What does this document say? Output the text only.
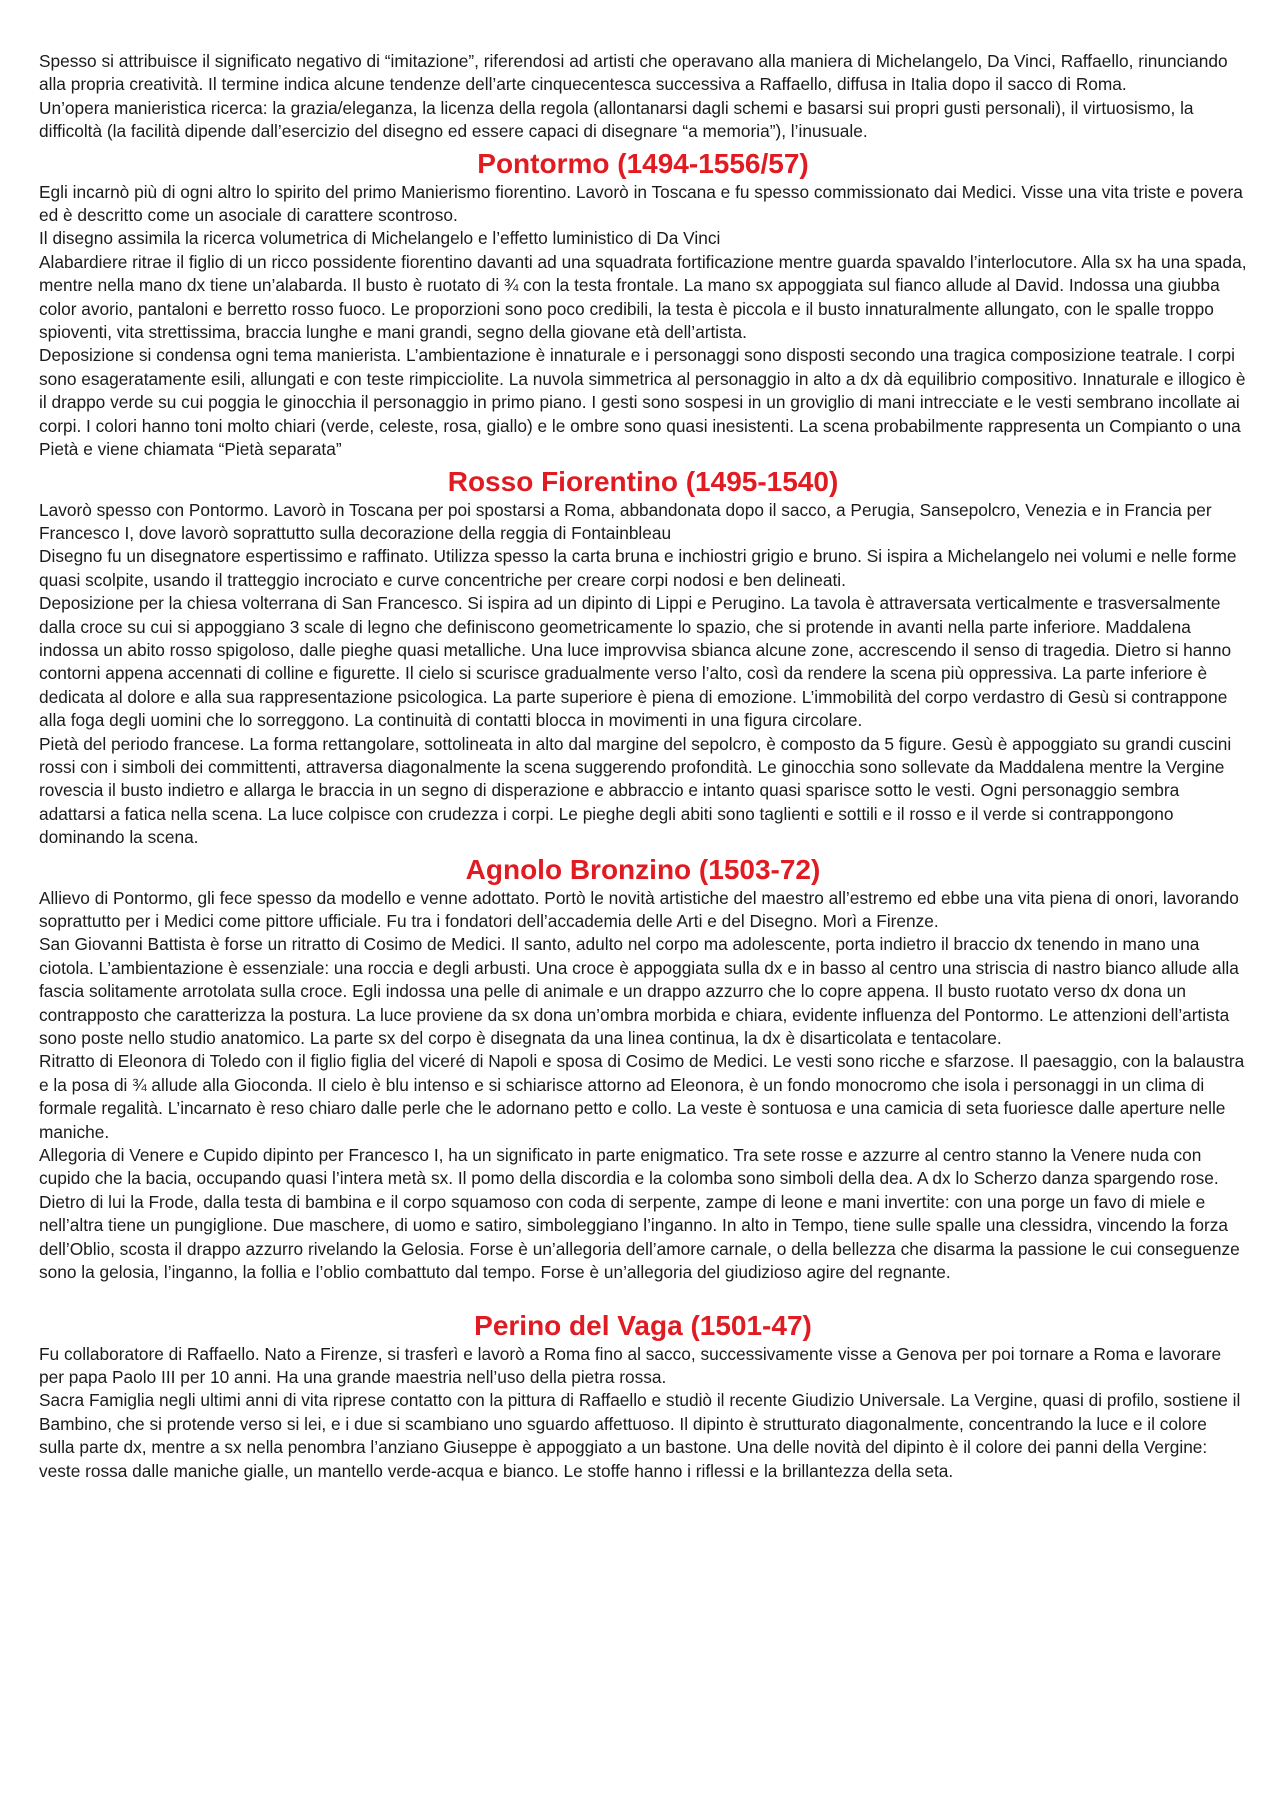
Spesso si attribuisce il significato negativo di “imitazione”, riferendosi ad artisti che operavano alla maniera di Michelangelo, Da Vinci, Raffaello, rinunciando alla propria creatività. Il termine indica alcune tendenze dell’arte cinquecentesca successiva a Raffaello, diffusa in Italia dopo il sacco di Roma.

Un’opera manieristica ricerca: la grazia/eleganza, la licenza della regola (allontanarsi dagli schemi e basarsi sui propri gusti personali), il virtuosismo, la difficoltà (la facilità dipende dall’esercizio del disegno ed essere capaci di disegnare “a memoria”), l’inusuale.

Pontormo (1494-1556/57)

Egli incarnò più di ogni altro lo spirito del primo Manierismo fiorentino. Lavorò in Toscana e fu spesso commissionato dai Medici. Visse una vita triste e povera ed è descritto come un asociale di carattere scontroso.

Il disegno assimila la ricerca volumetrica di Michelangelo e l’effetto luministico di Da Vinci

Alabardiere ritrae il figlio di un ricco possidente fiorentino davanti ad una squadrata fortificazione mentre guarda spavaldo l’interlocutore. Alla sx ha una spada, mentre nella mano dx tiene un’alabarda. Il busto è ruotato di ¾ con la testa frontale. La mano sx appoggiata sul fianco allude al David. Indossa una giubba color avorio, pantaloni e berretto rosso fuoco. Le proporzioni sono poco credibili, la testa è piccola e il busto innaturalmente allungato, con le spalle troppo spioventi, vita strettissima, braccia lunghe e mani grandi, segno della giovane età dell’artista.

Deposizione si condensa ogni tema manierista. L’ambientazione è innaturale e i personaggi sono disposti secondo una tragica composizione teatrale. I corpi sono esageratamente esili, allungati e con teste rimpicciolite. La nuvola simmetrica al personaggio in alto a dx dà equilibrio compositivo. Innaturale e illogico è il drappo verde su cui poggia le ginocchia il personaggio in primo piano. I gesti sono sospesi in un groviglio di mani intrecciate e le vesti sembrano incollate ai corpi. I colori hanno toni molto chiari (verde, celeste, rosa, giallo) e le ombre sono quasi inesistenti. La scena probabilmente rappresenta un Compianto o una Pietà e viene chiamata “Pietà separata”

Rosso Fiorentino (1495-1540)

Lavorò spesso con Pontormo. Lavorò in Toscana per poi spostarsi a Roma, abbandonata dopo il sacco, a Perugia, Sansepolcro, Venezia e in Francia per Francesco I, dove lavorò soprattutto sulla decorazione della reggia di Fontainbleau

Disegno fu un disegnatore espertissimo e raffinato. Utilizza spesso la carta bruna e inchiostri grigio e bruno. Si ispira a Michelangelo nei volumi e nelle forme quasi scolpite, usando il tratteggio incrociato e curve concentriche per creare corpi nodosi e ben delineati.

Deposizione per la chiesa volterrana di San Francesco. Si ispira ad un dipinto di Lippi e Perugino. La tavola è attraversata verticalmente e trasversalmente dalla croce su cui si appoggiano 3 scale di legno che definiscono geometricamente lo spazio, che si protende in avanti nella parte inferiore. Maddalena indossa un abito rosso spigoloso, dalle pieghe quasi metalliche. Una luce improvvisa sbianca alcune zone, accrescendo il senso di tragedia. Dietro si hanno contorni appena accennati di colline e figurette. Il cielo si scurisce gradualmente verso l’alto, così da rendere la scena più oppressiva. La parte inferiore è dedicata al dolore e alla sua rappresentazione psicologica. La parte superiore è piena di emozione. L’immobilità del corpo verdastro di Gesù si contrappone alla foga degli uomini che lo sorreggono. La continuità di contatti blocca in movimenti in una figura circolare.

Pietà del periodo francese. La forma rettangolare, sottolineata in alto dal margine del sepolcro, è composto da 5 figure. Gesù è appoggiato su grandi cuscini rossi con i simboli dei committenti, attraversa diagonalmente la scena suggerendo profondità. Le ginocchia sono sollevate da Maddalena mentre la Vergine rovescia il busto indietro e allarga le braccia in un segno di disperazione e abbraccio e intanto quasi sparisce sotto le vesti. Ogni personaggio sembra adattarsi a fatica nella scena. La luce colpisce con crudezza i corpi. Le pieghe degli abiti sono taglienti e sottili e il rosso e il verde si contrappongono dominando la scena.

Agnolo Bronzino (1503-72)

Allievo di Pontormo, gli fece spesso da modello e venne adottato. Portò le novità artistiche del maestro all’estremo ed ebbe una vita piena di onori, lavorando soprattutto per i Medici come pittore ufficiale. Fu tra i fondatori dell’accademia delle Arti e del Disegno. Morì a Firenze.

San Giovanni Battista è forse un ritratto di Cosimo de Medici. Il santo, adulto nel corpo ma adolescente, porta indietro il braccio dx tenendo in mano una ciotola. L’ambientazione è essenziale: una roccia e degli arbusti. Una croce è appoggiata sulla dx e in basso al centro una striscia di nastro bianco allude alla fascia solitamente arrotolata sulla croce. Egli indossa una pelle di animale e un drappo azzurro che lo copre appena. Il busto ruotato verso dx dona un contrapposto che caratterizza la postura. La luce proviene da sx dona un’ombra morbida e chiara, evidente influenza del Pontormo. Le attenzioni dell’artista sono poste nello studio anatomico. La parte sx del corpo è disegnata da una linea continua, la dx è disarticolata e tentacolare.

Ritratto di Eleonora di Toledo con il figlio figlia del viceré di Napoli e sposa di Cosimo de Medici. Le vesti sono ricche e sfarzose. Il paesaggio, con la balaustra e la posa di ¾ allude alla Gioconda. Il cielo è blu intenso e si schiarisce attorno ad Eleonora, è un fondo monocromo che isola i personaggi in un clima di formale regalità. L’incarnato è reso chiaro dalle perle che le adornano petto e collo. La veste è sontuosa e una camicia di seta fuoriesce dalle aperture nelle maniche.

Allegoria di Venere e Cupido dipinto per Francesco I, ha un significato in parte enigmatico. Tra sete rosse e azzurre al centro stanno la Venere nuda con cupido che la bacia, occupando quasi l’intera metà sx. Il pomo della discordia e la colomba sono simboli della dea. A dx lo Scherzo danza spargendo rose. Dietro di lui la Frode, dalla testa di bambina e il corpo squamoso con coda di serpente, zampe di leone e mani invertite: con una porge un favo di miele e nell’altra tiene un pungiglione. Due maschere, di uomo e satiro, simboleggiano l’inganno. In alto in Tempo, tiene sulle spalle una clessidra, vincendo la forza dell’Oblio, scosta il drappo azzurro rivelando la Gelosia. Forse è un’allegoria dell’amore carnale, o della bellezza che disarma la passione le cui conseguenze sono la gelosia, l’inganno, la follia e l’oblio combattuto dal tempo. Forse è un’allegoria del giudizioso agire del regnante.

Perino del Vaga (1501-47)

Fu collaboratore di Raffaello. Nato a Firenze, si trasferì e lavorò a Roma fino al sacco, successivamente visse a Genova per poi tornare a Roma e lavorare per papa Paolo III per 10 anni. Ha una grande maestria nell’uso della pietra rossa.

Sacra Famiglia negli ultimi anni di vita riprese contatto con la pittura di Raffaello e studiò il recente Giudizio Universale. La Vergine, quasi di profilo, sostiene il Bambino, che si protende verso si lei, e i due si scambiano uno sguardo affettuoso. Il dipinto è strutturato diagonalmente, concentrando la luce e il colore sulla parte dx, mentre a sx nella penombra l’anziano Giuseppe è appoggiato a un bastone. Una delle novità del dipinto è il colore dei panni della Vergine: veste rossa dalle maniche gialle, un mantello verde-acqua e bianco. Le stoffe hanno i riflessi e la brillantezza della seta.
